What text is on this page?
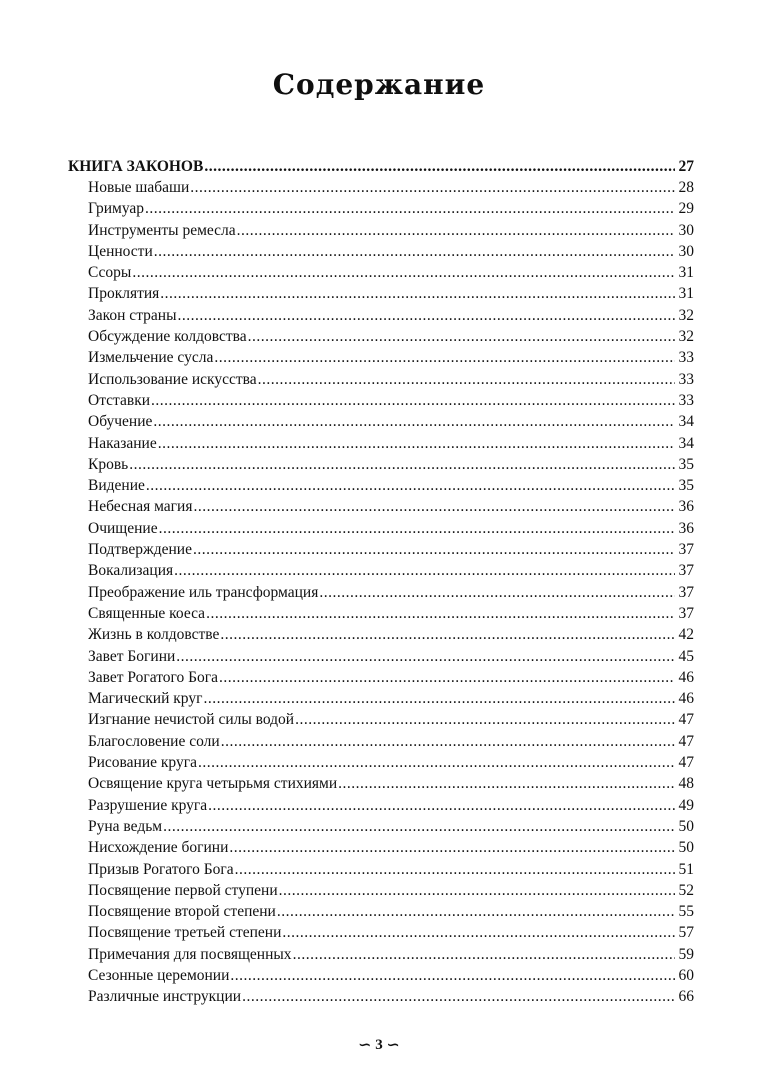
Содержание
КНИГА ЗАКОНОВ .....	27
Новые шабаши .....	28
Гримуар .....	29
Инструменты ремесла .....	30
Ценности .....	30
Ссоры .....	31
Проклятия .....	31
Закон страны .....	32
Обсуждение колдовства .....	32
Измельчение сусла .....	33
Использование искусства .....	33
Отставки .....	33
Обучение .....	34
Наказание .....	34
Кровь .....	35
Видение .....	35
Небесная магия .....	36
Очищение .....	36
Подтверждение .....	37
Вокализация .....	37
Преображение иль трансформация .....	37
Священные коеса .....	37
Жизнь в колдовстве .....	42
Завет Богини .....	45
Завет Рогатого Бога .....	46
Магический круг .....	46
Изгнание нечистой силы водой .....	47
Благословение соли .....	47
Рисование круга .....	47
Освящение круга четырьмя стихиями .....	48
Разрушение круга .....	49
Руна ведьм .....	50
Нисхождение богини .....	50
Призыв Рогатого Бога .....	51
Посвящение первой ступени .....	52
Посвящение второй степени .....	55
Посвящение третьей степени .....	57
Примечания для посвященных .....	59
Сезонные церемонии .....	60
Различные инструкции .....	66
∽ 3 ∽
